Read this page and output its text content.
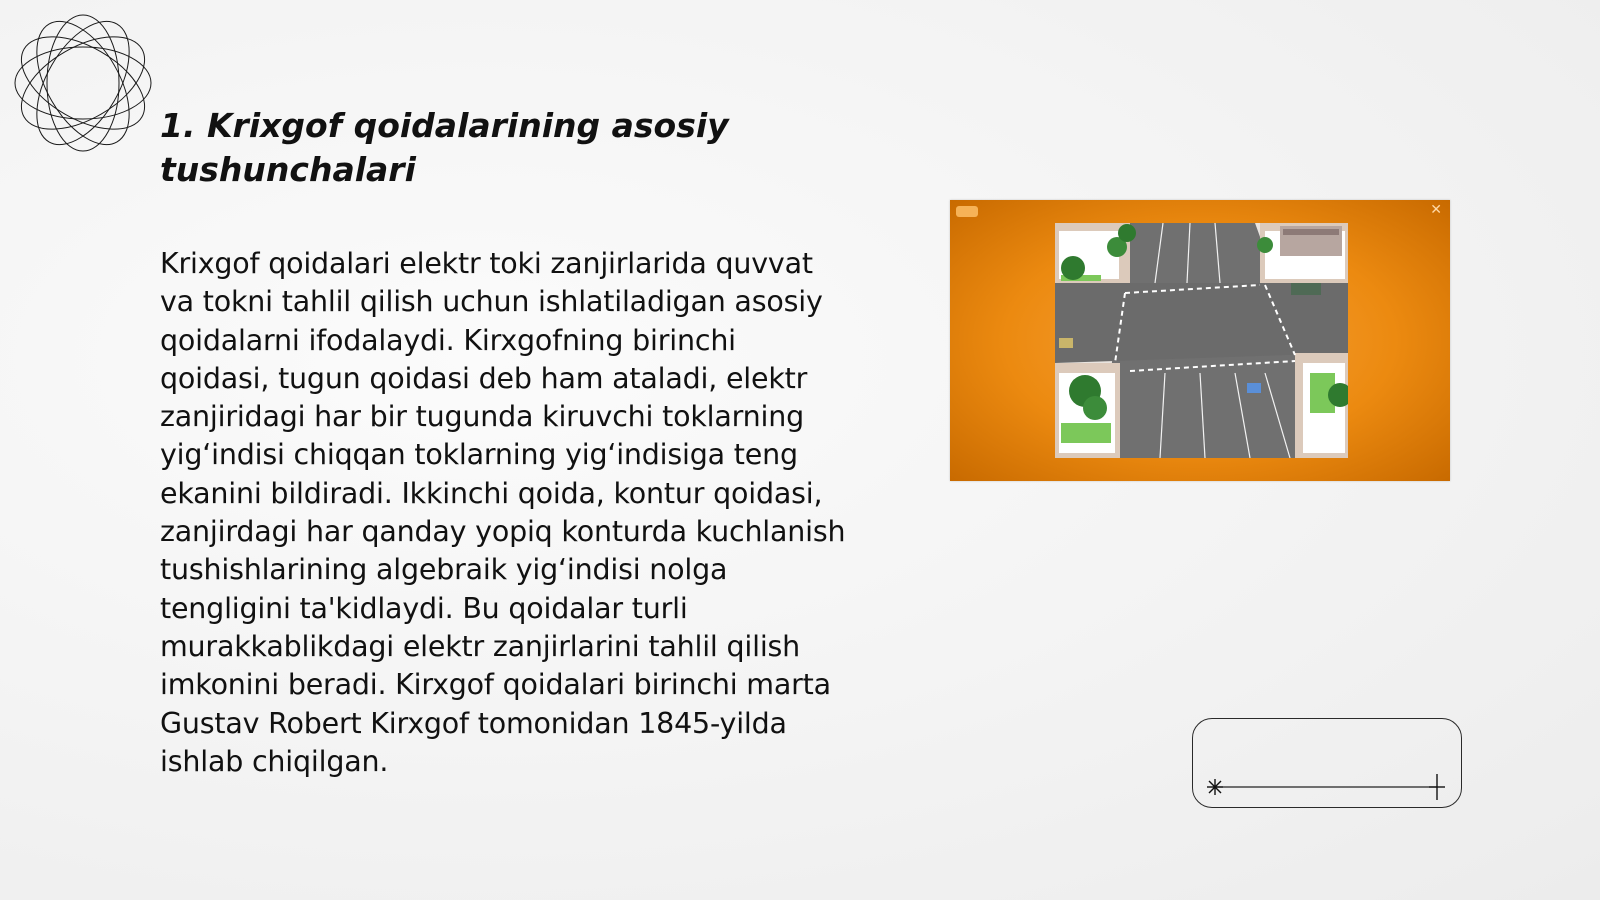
1. Krixgof qoidalarining asosiy tushunchalari

Krixgof qoidalari elektr toki zanjirlarida quvvat va tokni tahlil qilish uchun ishlatiladigan asosiy qoidalarni ifodalaydi. Kirxgofning birinchi qoidasi, tugun qoidasi deb ham ataladi, elektr zanjiridagi har bir tugunda kiruvchi toklarning yig‘indisi chiqqan toklarning yig‘indisiga teng ekanini bildiradi. Ikkinchi qoida, kontur qoidasi, zanjirdagi har qanday yopiq konturda kuchlanish tushishlarining algebraik yig‘indisi nolga tengligini ta'kidlaydi. Bu qoidalar turli murakkablikdagi elektr zanjirlarini tahlil qilish imkonini beradi. Kirxgof qoidalari birinchi marta Gustav Robert Kirxgof tomonidan 1845-yilda ishlab chiqilgan.

✕
